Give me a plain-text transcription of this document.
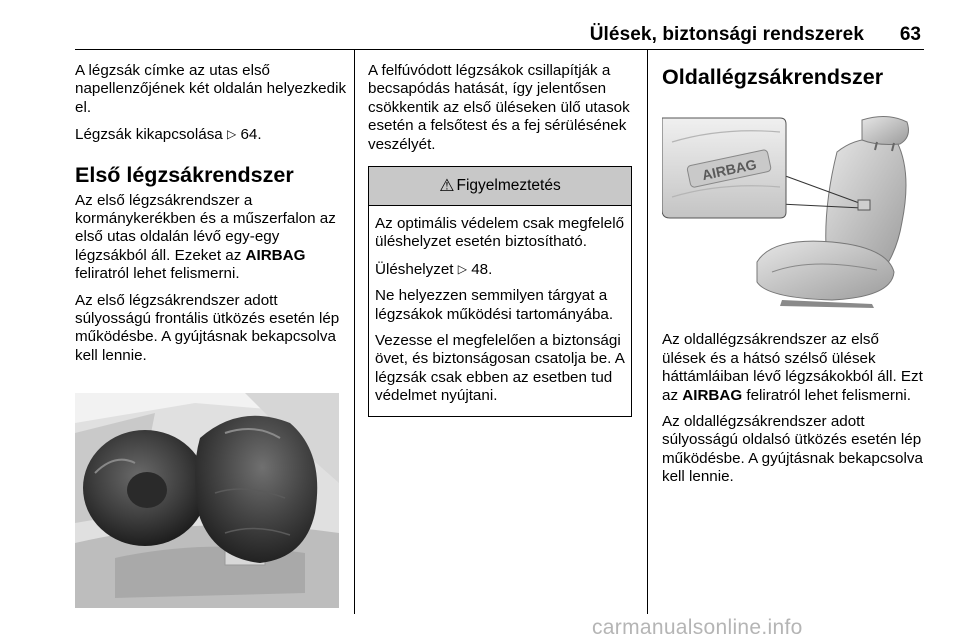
Ülések, biztonsági rendszerek 63

A légzsák címke az utas első napellenzőjének két oldalán helyezkedik el.

Légzsák kikapcsolása ▷ 64.

Első légzsákrendszer

Az első légzsákrendszer a kormánykerékben és a műszerfalon az első utas oldalán lévő egy-egy légzsákból áll. Ezeket az AIRBAG feliratról lehet felismerni.

Az első légzsákrendszer adott súlyosságú frontális ütközés esetén lép működésbe. A gyújtásnak bekapcsolva kell lennie.

A felfúvódott légzsákok csillapítják a becsapódás hatását, így jelentősen csökkentik az első üléseken ülő utasok esetén a felsőtest és a fej sérülésének veszélyét.

⚠ Figyelmeztetés

Az optimális védelem csak megfelelő üléshelyzet esetén biztosítható.

Üléshelyzet ▷ 48.

Ne helyezzen semmilyen tárgyat a légzsákok működési tartományába.

Vezesse el megfelelően a biztonsági övet, és biztonságosan csatolja be. A légzsák csak ebben az esetben tud védelmet nyújtani.

Oldallégzsákrendszer
AIRBAG

Az oldallégzsákrendszer az első ülések és a hátsó szélső ülések háttámláiban lévő légzsákokból áll. Ezt az AIRBAG feliratról lehet felismerni.

Az oldallégzsákrendszer adott súlyosságú oldalsó ütközés esetén lép működésbe. A gyújtásnak bekapcsolva kell lennie.

carmanualsonline.info
